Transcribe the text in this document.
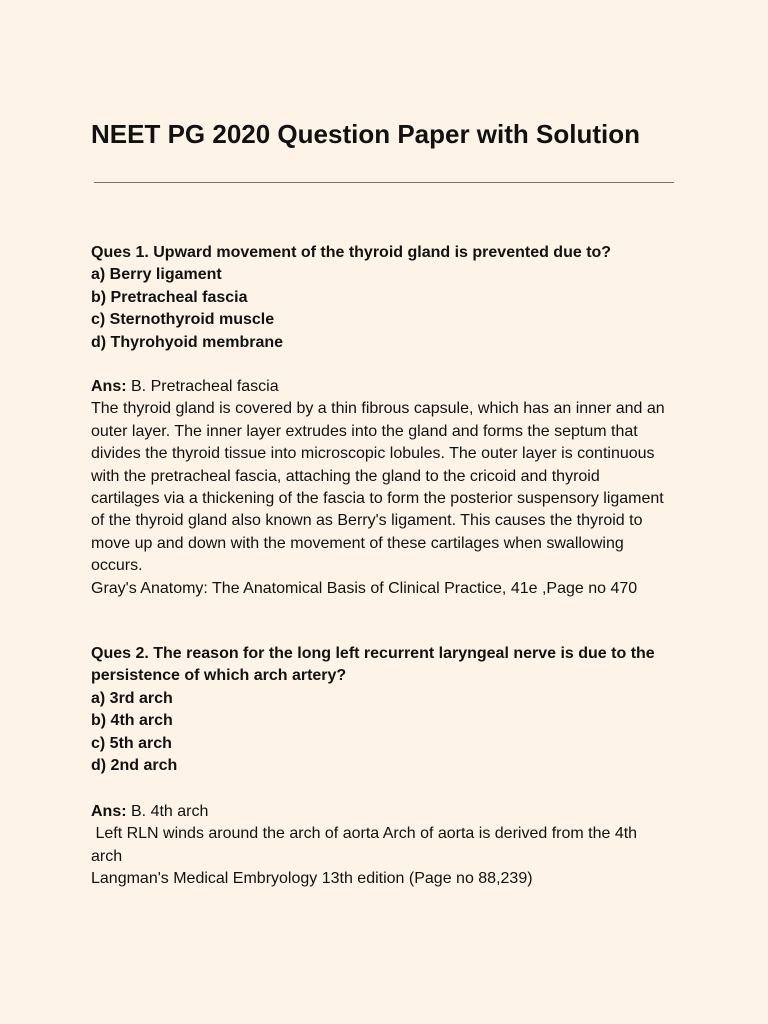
NEET PG 2020 Question Paper with Solution
Ques 1. Upward movement of the thyroid gland is prevented due to?
a) Berry ligament
b) Pretracheal fascia
c) Sternothyroid muscle
d) Thyrohyoid membrane
Ans: B. Pretracheal fascia
The thyroid gland is covered by a thin fibrous capsule, which has an inner and an
outer layer. The inner layer extrudes into the gland and forms the septum that
divides the thyroid tissue into microscopic lobules. The outer layer is continuous
with the pretracheal fascia, attaching the gland to the cricoid and thyroid
cartilages via a thickening of the fascia to form the posterior suspensory ligament
of the thyroid gland also known as Berry's ligament. This causes the thyroid to
move up and down with the movement of these cartilages when swallowing
occurs.
Gray's Anatomy: The Anatomical Basis of Clinical Practice, 41e ,Page no 470
Ques 2. The reason for the long left recurrent laryngeal nerve is due to the
persistence of which arch artery?
a) 3rd arch
b) 4th arch
c) 5th arch
d) 2nd arch
Ans: B. 4th arch
Left RLN winds around the arch of aorta Arch of aorta is derived from the 4th
arch
Langman's Medical Embryology 13th edition (Page no 88,239)
